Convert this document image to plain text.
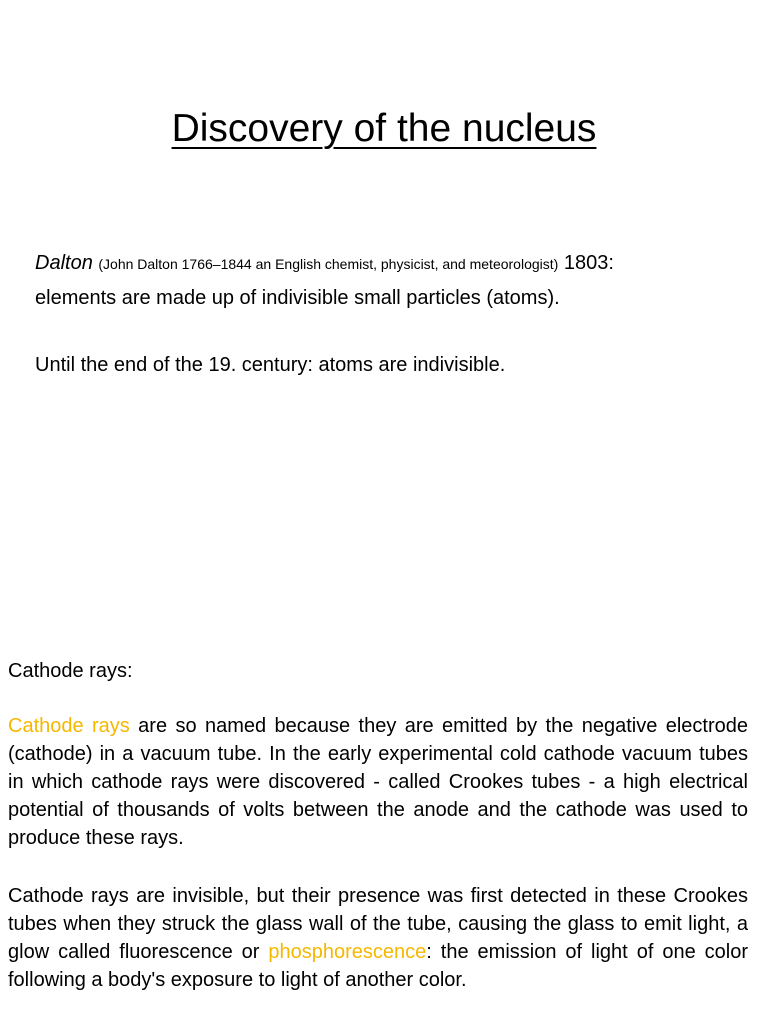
Discovery of the nucleus

Dalton (John Dalton 1766–1844 an English chemist, physicist, and meteorologist) 1803:

elements are made up of indivisible small particles (atoms).

Until the end of the 19. century: atoms are indivisible.

Cathode rays:

Cathode rays are so named because they are emitted by the negative electrode (cathode) in a vacuum tube. In the early experimental cold cathode vacuum tubes in which cathode rays were discovered - called Crookes tubes - a high electrical potential of thousands of volts between the anode and the cathode was used to produce these rays.

Cathode rays are invisible, but their presence was first detected in these Crookes tubes when they struck the glass wall of the tube, causing the glass to emit light, a glow called fluorescence or phosphorescence: the emission of light of one color following a body's exposure to light of another color.
